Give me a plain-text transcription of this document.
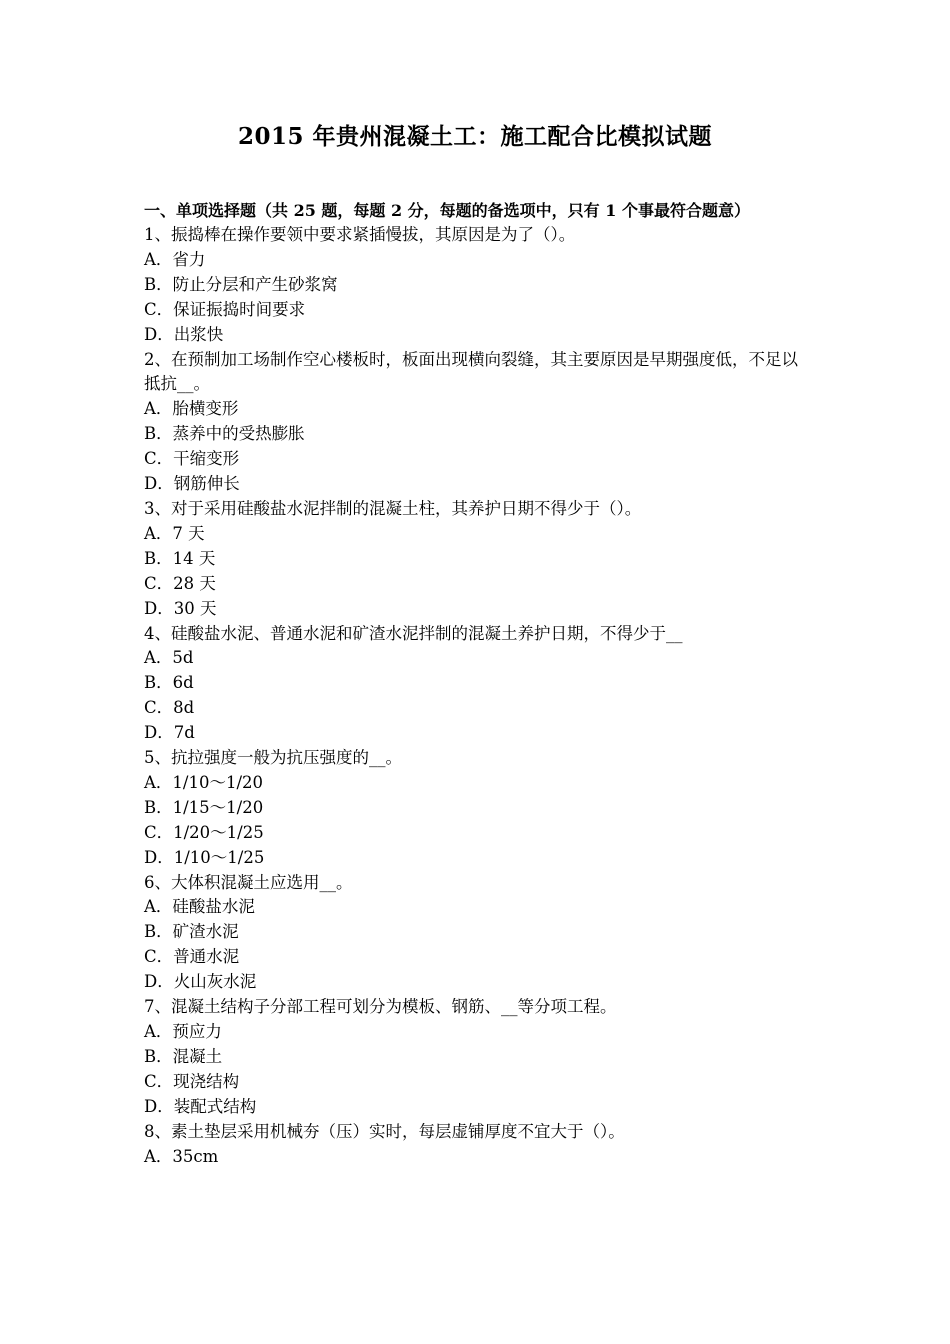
2015 年贵州混凝土工：施工配合比模拟试题
一、单项选择题（共 25 题，每题 2 分，每题的备选项中，只有 1 个事最符合题意）
1、振捣棒在操作要领中要求紧插慢拔，其原因是为了（）。
A．省力
B．防止分层和产生砂浆窝
C．保证振捣时间要求
D．出浆快
2、在预制加工场制作空心楼板时，板面出现横向裂缝，其主要原因是早期强度低，不足以抵抗__。
A．胎横变形
B．蒸养中的受热膨胀
C．干缩变形
D．钢筋伸长
3、对于采用硅酸盐水泥拌制的混凝土柱，其养护日期不得少于（）。
A．7 天
B．14 天
C．28 天
D．30 天
4、硅酸盐水泥、普通水泥和矿渣水泥拌制的混凝土养护日期，不得少于__
A．5d
B．6d
C．8d
D．7d
5、抗拉强度一般为抗压强度的__。
A．1/10～1/20
B．1/15～1/20
C．1/20～1/25
D．1/10～1/25
6、大体积混凝土应选用__。
A．硅酸盐水泥
B．矿渣水泥
C．普通水泥
D．火山灰水泥
7、混凝土结构子分部工程可划分为模板、钢筋、__等分项工程。
A．预应力
B．混凝土
C．现浇结构
D．装配式结构
8、素土垫层采用机械夯（压）实时，每层虚铺厚度不宜大于（）。
A．35cm
